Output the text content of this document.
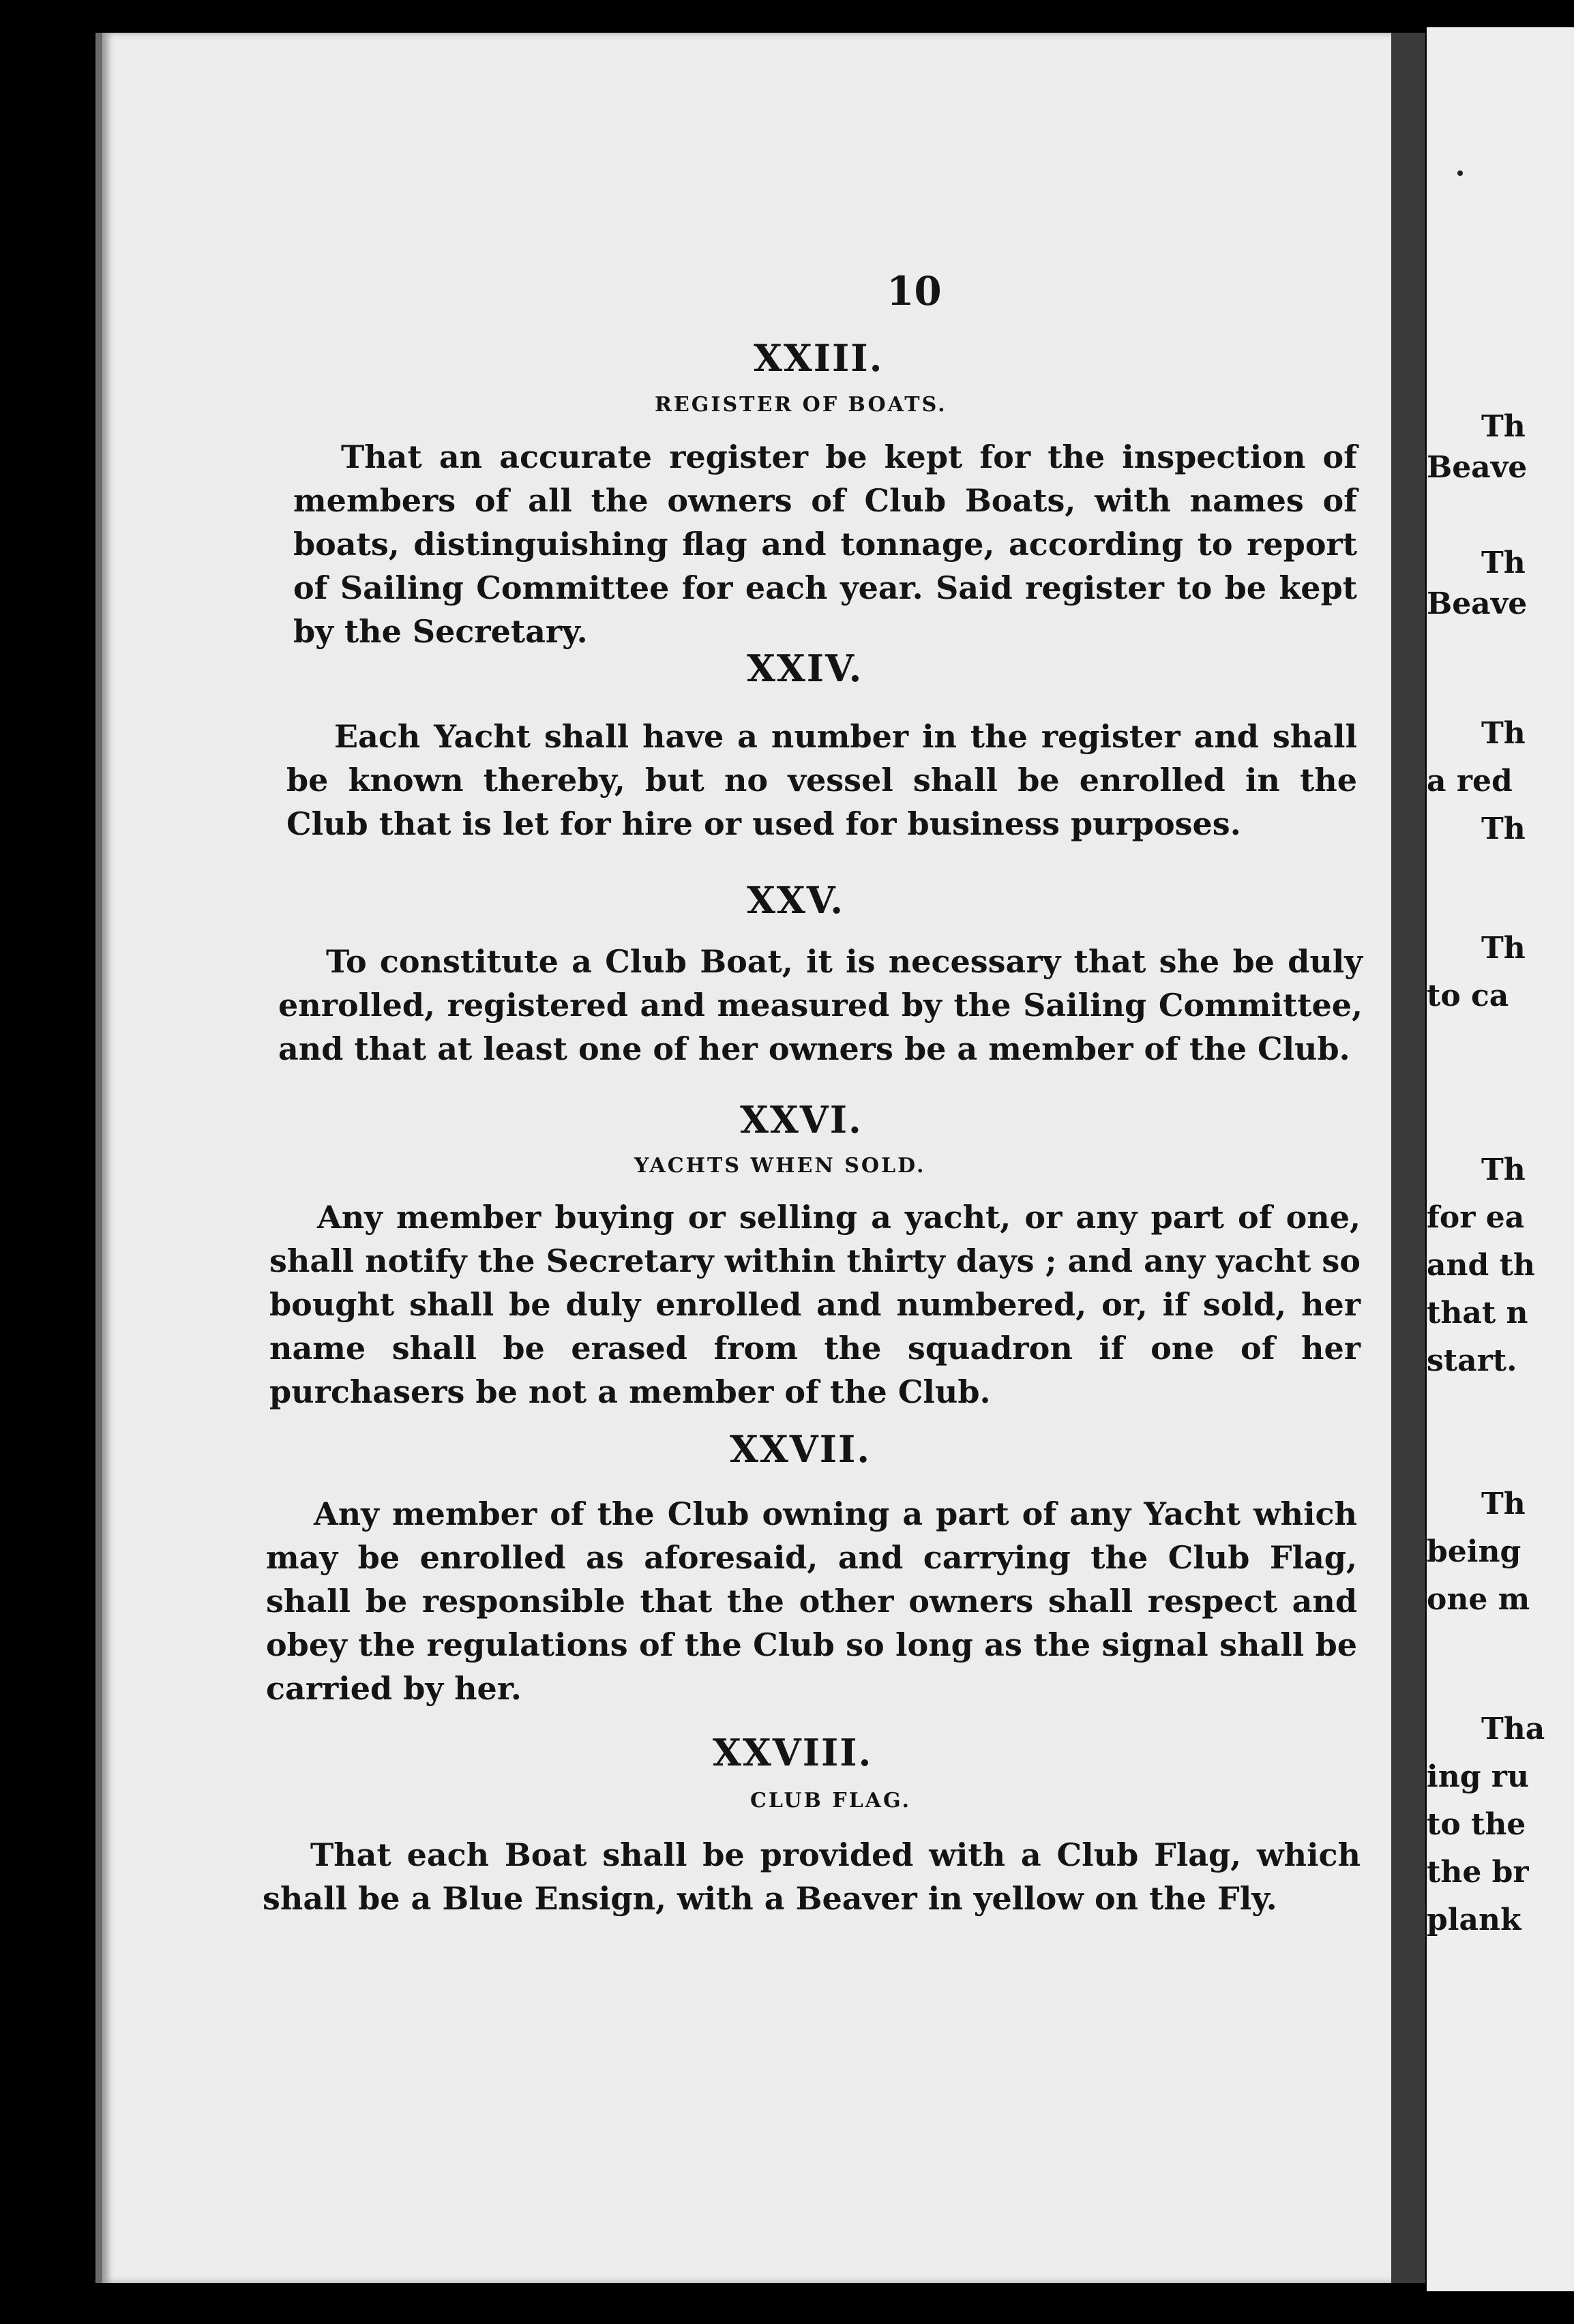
10
XXIII.
REGISTER OF BOATS.

That an accurate register be kept for the inspection of members of all the owners of Club Boats, with names of boats, distinguishing flag and tonnage, according to report of Sailing Committee for each year. Said register to be kept by the Secretary.

XXIV.

Each Yacht shall have a number in the register and shall be known thereby, but no vessel shall be enrolled in the Club that is let for hire or used for business purposes.

XXV.

To constitute a Club Boat, it is necessary that she be duly enrolled, registered and measured by the Sailing Committee, and that at least one of her owners be a member of the Club.

XXVI.
YACHTS WHEN SOLD.

Any member buying or selling a yacht, or any part of one, shall notify the Secretary within thirty days ; and any yacht so bought shall be duly enrolled and numbered, or, if sold, her name shall be erased from the squadron if one of her purchasers be not a member of the Club.

XXVII.

Any member of the Club owning a part of any Yacht which may be enrolled as aforesaid, and carrying the Club Flag, shall be responsible that the other owners shall respect and obey the regulations of the Club so long as the signal shall be carried by her.

XXVIII.
CLUB FLAG.

That each Boat shall be provided with a Club Flag, which shall be a Blue Ensign, with a Beaver in yellow on the Fly.

Th
Beave
Th
Beave
Th
a red
Th
Th
to ca
Th
for ea
and th
that n
start.
Th
being
one m
Tha
ing ru
to the
the br
plank
